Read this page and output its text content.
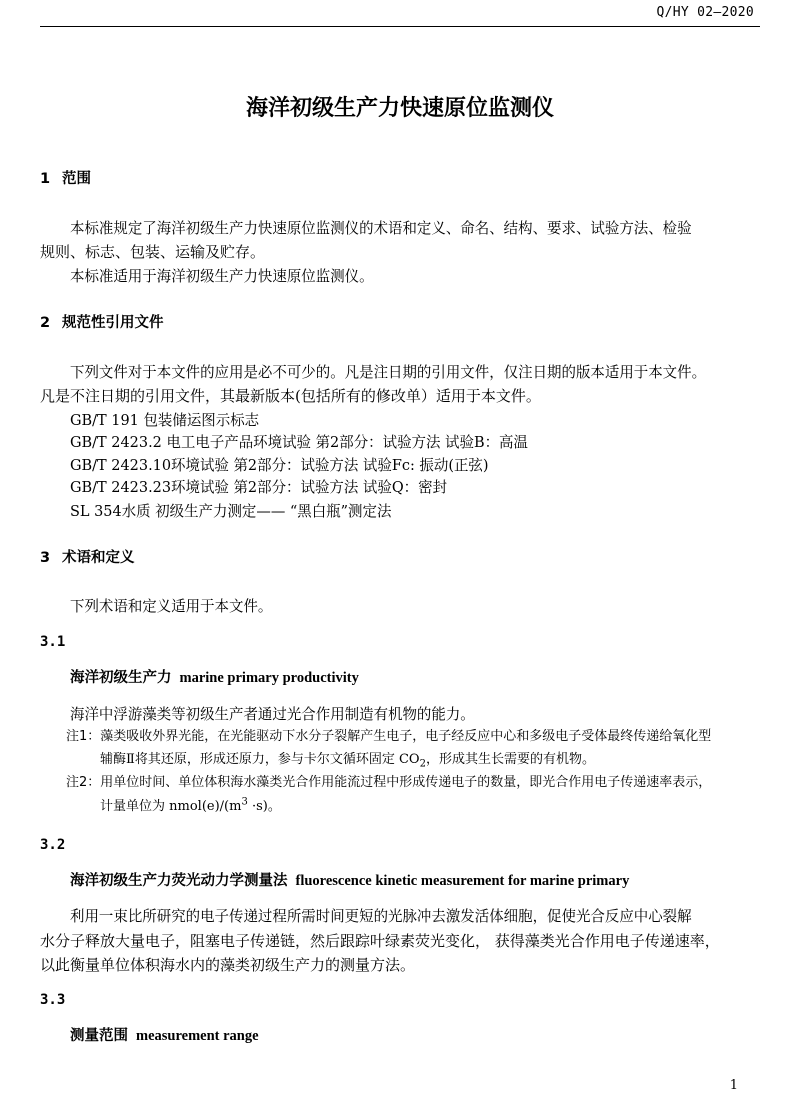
Q/HY 02—2020
海洋初级生产力快速原位监测仪
1 范围
本标准规定了海洋初级生产力快速原位监测仪的术语和定义、命名、结构、要求、试验方法、检验
规则、标志、包装、运输及贮存。
本标准适用于海洋初级生产力快速原位监测仪。
2 规范性引用文件
下列文件对于本文件的应用是必不可少的。凡是注日期的引用文件，仅注日期的版本适用于本文件。
凡是不注日期的引用文件，其最新版本(包括所有的修改单）适用于本文件。
GB/T 191 包装储运图示标志
GB/T 2423.2 电工电子产品环境试验 第2部分：试验方法 试验B：高温
GB/T 2423.10环境试验 第2部分：试验方法 试验Fc: 振动(正弦)
GB/T 2423.23环境试验 第2部分：试验方法 试验Q：密封
SL 354水质 初级生产力测定—— “黑白瓶”测定法
3 术语和定义
下列术语和定义适用于本文件。
3.1
海洋初级生产力 marine primary productivity
海洋中浮游藻类等初级生产者通过光合作用制造有机物的能力。
注1：藻类吸收外界光能，在光能驱动下水分子裂解产生电子，电子经反应中心和多级电子受体最终传递给氧化型
辅酶Ⅱ将其还原，形成还原力，参与卡尔文循环固定 $CO_2$，形成其生长需要的有机物。
注2：用单位时间、单位体积海水藻类光合作用能流过程中形成传递电子的数量，即光合作用电子传递速率表示，
计量单位为 $nmol(e)/(m^3 \cdot s)$。
3.2
海洋初级生产力荧光动力学测量法 fluorescence kinetic measurement for marine primary
利用一束比所研究的电子传递过程所需时间更短的光脉冲去激发活体细胞，促使光合反应中心裂解
水分子释放大量电子，阻塞电子传递链，然后跟踪叶绿素荧光变化， 获得藻类光合作用电子传递速率，
以此衡量单位体积海水内的藻类初级生产力的测量方法。
3.3
测量范围 measurement range
1
